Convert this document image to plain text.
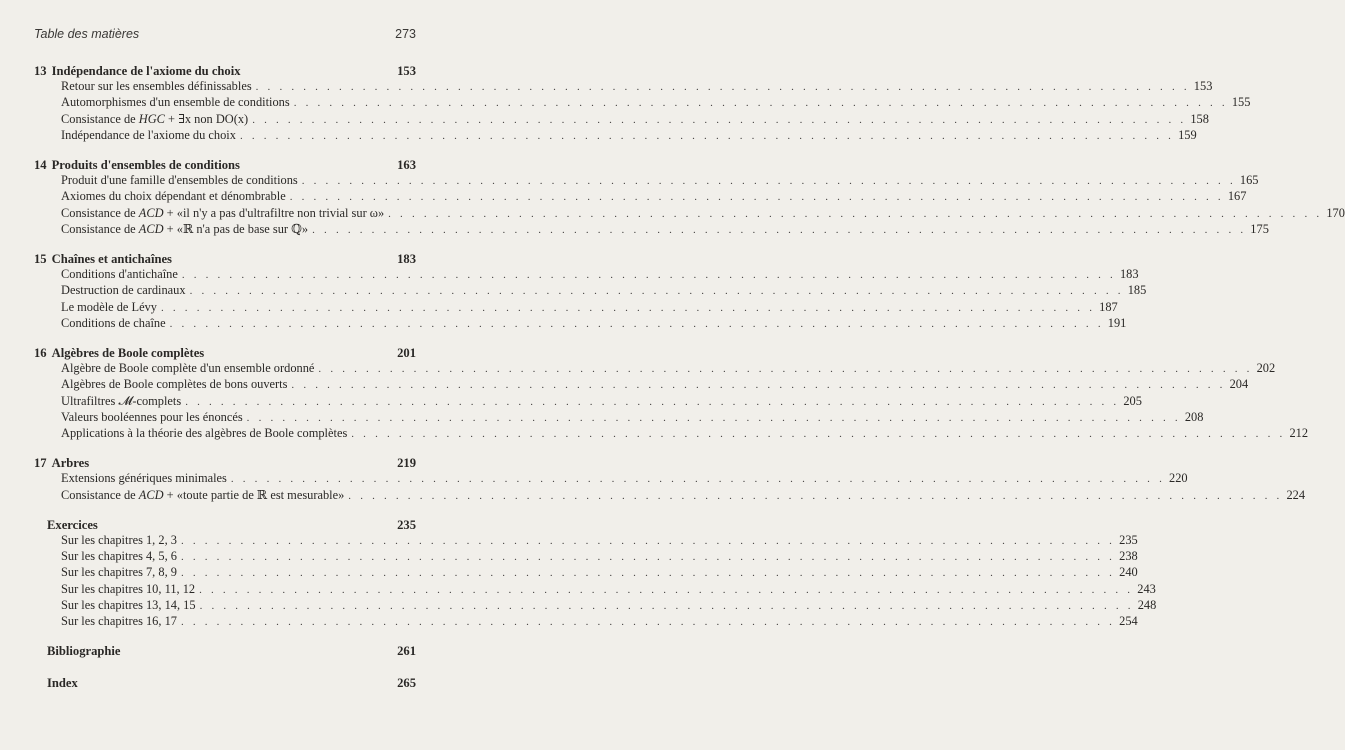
Table des matières	273
13 Indépendance de l'axiome du choix	153
Retour sur les ensembles définissables . . . . . . . . . . . . . . . . . . . . . . . . . . . . . . . . . . . . . . . . . . . . . . . . . . . . . . . . . . . . . . . . . . . . . . . . . . . . . . . 153
Automorphismes d'un ensemble de conditions . . . . . . . . . . . . . . . . . . . . . . . . . . . . . . . . . . . . . . . . . . . . . . . . . . . . . . . . . . . . . . . . . . . . . . . . . . . . . . . 155
Consistance de HGC + ∃x non DO(x) . . . . . . . . . . . . . . . . . . . . . . . . . . . . . . . . . . . . . . . . . . . . . . . . . . . . . . . . . . . . . . . . . . . . . . . . . . . . . . . 158
Indépendance de l'axiome du choix . . . . . . . . . . . . . . . . . . . . . . . . . . . . . . . . . . . . . . . . . . . . . . . . . . . . . . . . . . . . . . . . . . . . . . . . . . . . . . . 159
14 Produits d'ensembles de conditions	163
Produit d'une famille d'ensembles de conditions . . . . . . . . . . . . . . . . . . . . . . . . . . . . . . . . . . . . . . . . . . . . . . . . . . . . . . . . . . . . . . . . . . . . . . . . . . . . . . . 165
Axiomes du choix dépendant et dénombrable . . . . . . . . . . . . . . . . . . . . . . . . . . . . . . . . . . . . . . . . . . . . . . . . . . . . . . . . . . . . . . . . . . . . . . . . . . . . . . . 167
Consistance de ACD + «il n'y a pas d'ultrafiltre non trivial sur ω» . . . . . . . . . . . . . . . . . . . . . . . . . . . . . . . . . . . . . . . . . . . . . . . . . . . . . . . . . . . . . . . . . . . . . . . . . . . . . . . 170
Consistance de ACD + «ℝ n'a pas de base sur ℚ» . . . . . . . . . . . . . . . . . . . . . . . . . . . . . . . . . . . . . . . . . . . . . . . . . . . . . . . . . . . . . . . . . . . . . . . . . . . . . . . 175
15 Chaînes et antichaînes	183
Conditions d'antichaîne . . . . . . . . . . . . . . . . . . . . . . . . . . . . . . . . . . . . . . . . . . . . . . . . . . . . . . . . . . . . . . . . . . . . . . . . . . . . . . . 183
Destruction de cardinaux . . . . . . . . . . . . . . . . . . . . . . . . . . . . . . . . . . . . . . . . . . . . . . . . . . . . . . . . . . . . . . . . . . . . . . . . . . . . . . . 185
Le modèle de Lévy . . . . . . . . . . . . . . . . . . . . . . . . . . . . . . . . . . . . . . . . . . . . . . . . . . . . . . . . . . . . . . . . . . . . . . . . . . . . . . . 187
Conditions de chaîne . . . . . . . . . . . . . . . . . . . . . . . . . . . . . . . . . . . . . . . . . . . . . . . . . . . . . . . . . . . . . . . . . . . . . . . . . . . . . . . 191
16 Algèbres de Boole complètes	201
Algèbre de Boole complète d'un ensemble ordonné . . . . . . . . . . . . . . . . . . . . . . . . . . . . . . . . . . . . . . . . . . . . . . . . . . . . . . . . . . . . . . . . . . . . . . . . . . . . . . . 202
Algèbres de Boole complètes de bons ouverts . . . . . . . . . . . . . . . . . . . . . . . . . . . . . . . . . . . . . . . . . . . . . . . . . . . . . . . . . . . . . . . . . . . . . . . . . . . . . . . 204
Ultrafiltres 𝓜-complets . . . . . . . . . . . . . . . . . . . . . . . . . . . . . . . . . . . . . . . . . . . . . . . . . . . . . . . . . . . . . . . . . . . . . . . . . . . . . . . 205
Valeurs booléennes pour les énoncés . . . . . . . . . . . . . . . . . . . . . . . . . . . . . . . . . . . . . . . . . . . . . . . . . . . . . . . . . . . . . . . . . . . . . . . . . . . . . . . 208
Applications à la théorie des algèbres de Boole complètes . . . . . . . . . . . . . . . . . . . . . . . . . . . . . . . . . . . . . . . . . . . . . . . . . . . . . . . . . . . . . . . . . . . . . . . . . . . . . . . 212
17 Arbres	219
Extensions génériques minimales . . . . . . . . . . . . . . . . . . . . . . . . . . . . . . . . . . . . . . . . . . . . . . . . . . . . . . . . . . . . . . . . . . . . . . . . . . . . . . . 220
Consistance de ACD + «toute partie de ℝ est mesurable» . . . . . . . . . . . . . . . . . . . . . . . . . . . . . . . . . . . . . . . . . . . . . . . . . . . . . . . . . . . . . . . . . . . . . . . . . . . . . . . 224
Exercices	235
Sur les chapitres 1, 2, 3 . . . . . . . . . . . . . . . . . . . . . . . . . . . . . . . . . . . . . . . . . . . . . . . . . . . . . . . . . . . . . . . . . . . . . . . . . . . . . . . 235
Sur les chapitres 4, 5, 6 . . . . . . . . . . . . . . . . . . . . . . . . . . . . . . . . . . . . . . . . . . . . . . . . . . . . . . . . . . . . . . . . . . . . . . . . . . . . . . . 238
Sur les chapitres 7, 8, 9 . . . . . . . . . . . . . . . . . . . . . . . . . . . . . . . . . . . . . . . . . . . . . . . . . . . . . . . . . . . . . . . . . . . . . . . . . . . . . . . 240
Sur les chapitres 10, 11, 12 . . . . . . . . . . . . . . . . . . . . . . . . . . . . . . . . . . . . . . . . . . . . . . . . . . . . . . . . . . . . . . . . . . . . . . . . . . . . . . . 243
Sur les chapitres 13, 14, 15 . . . . . . . . . . . . . . . . . . . . . . . . . . . . . . . . . . . . . . . . . . . . . . . . . . . . . . . . . . . . . . . . . . . . . . . . . . . . . . . 248
Sur les chapitres 16, 17 . . . . . . . . . . . . . . . . . . . . . . . . . . . . . . . . . . . . . . . . . . . . . . . . . . . . . . . . . . . . . . . . . . . . . . . . . . . . . . . 254
Bibliographie	261
Index	265
